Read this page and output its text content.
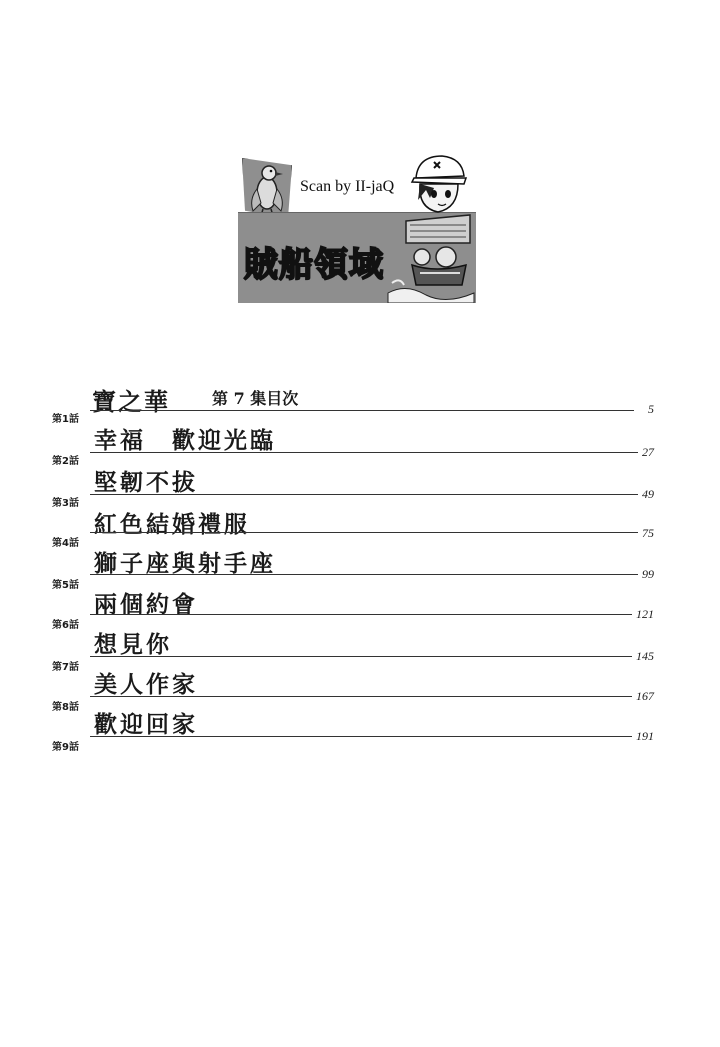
Scan by II-jaQ
賊船領域
寶之華	第 7 集目次
第1話
5
幸福　歡迎光臨
第2話
27
堅韌不拔
第3話
49
紅色結婚禮服
第4話
75
獅子座與射手座
第5話
99
兩個約會
第6話
121
想見你
第7話
145
美人作家
第8話
167
歡迎回家
第9話
191
